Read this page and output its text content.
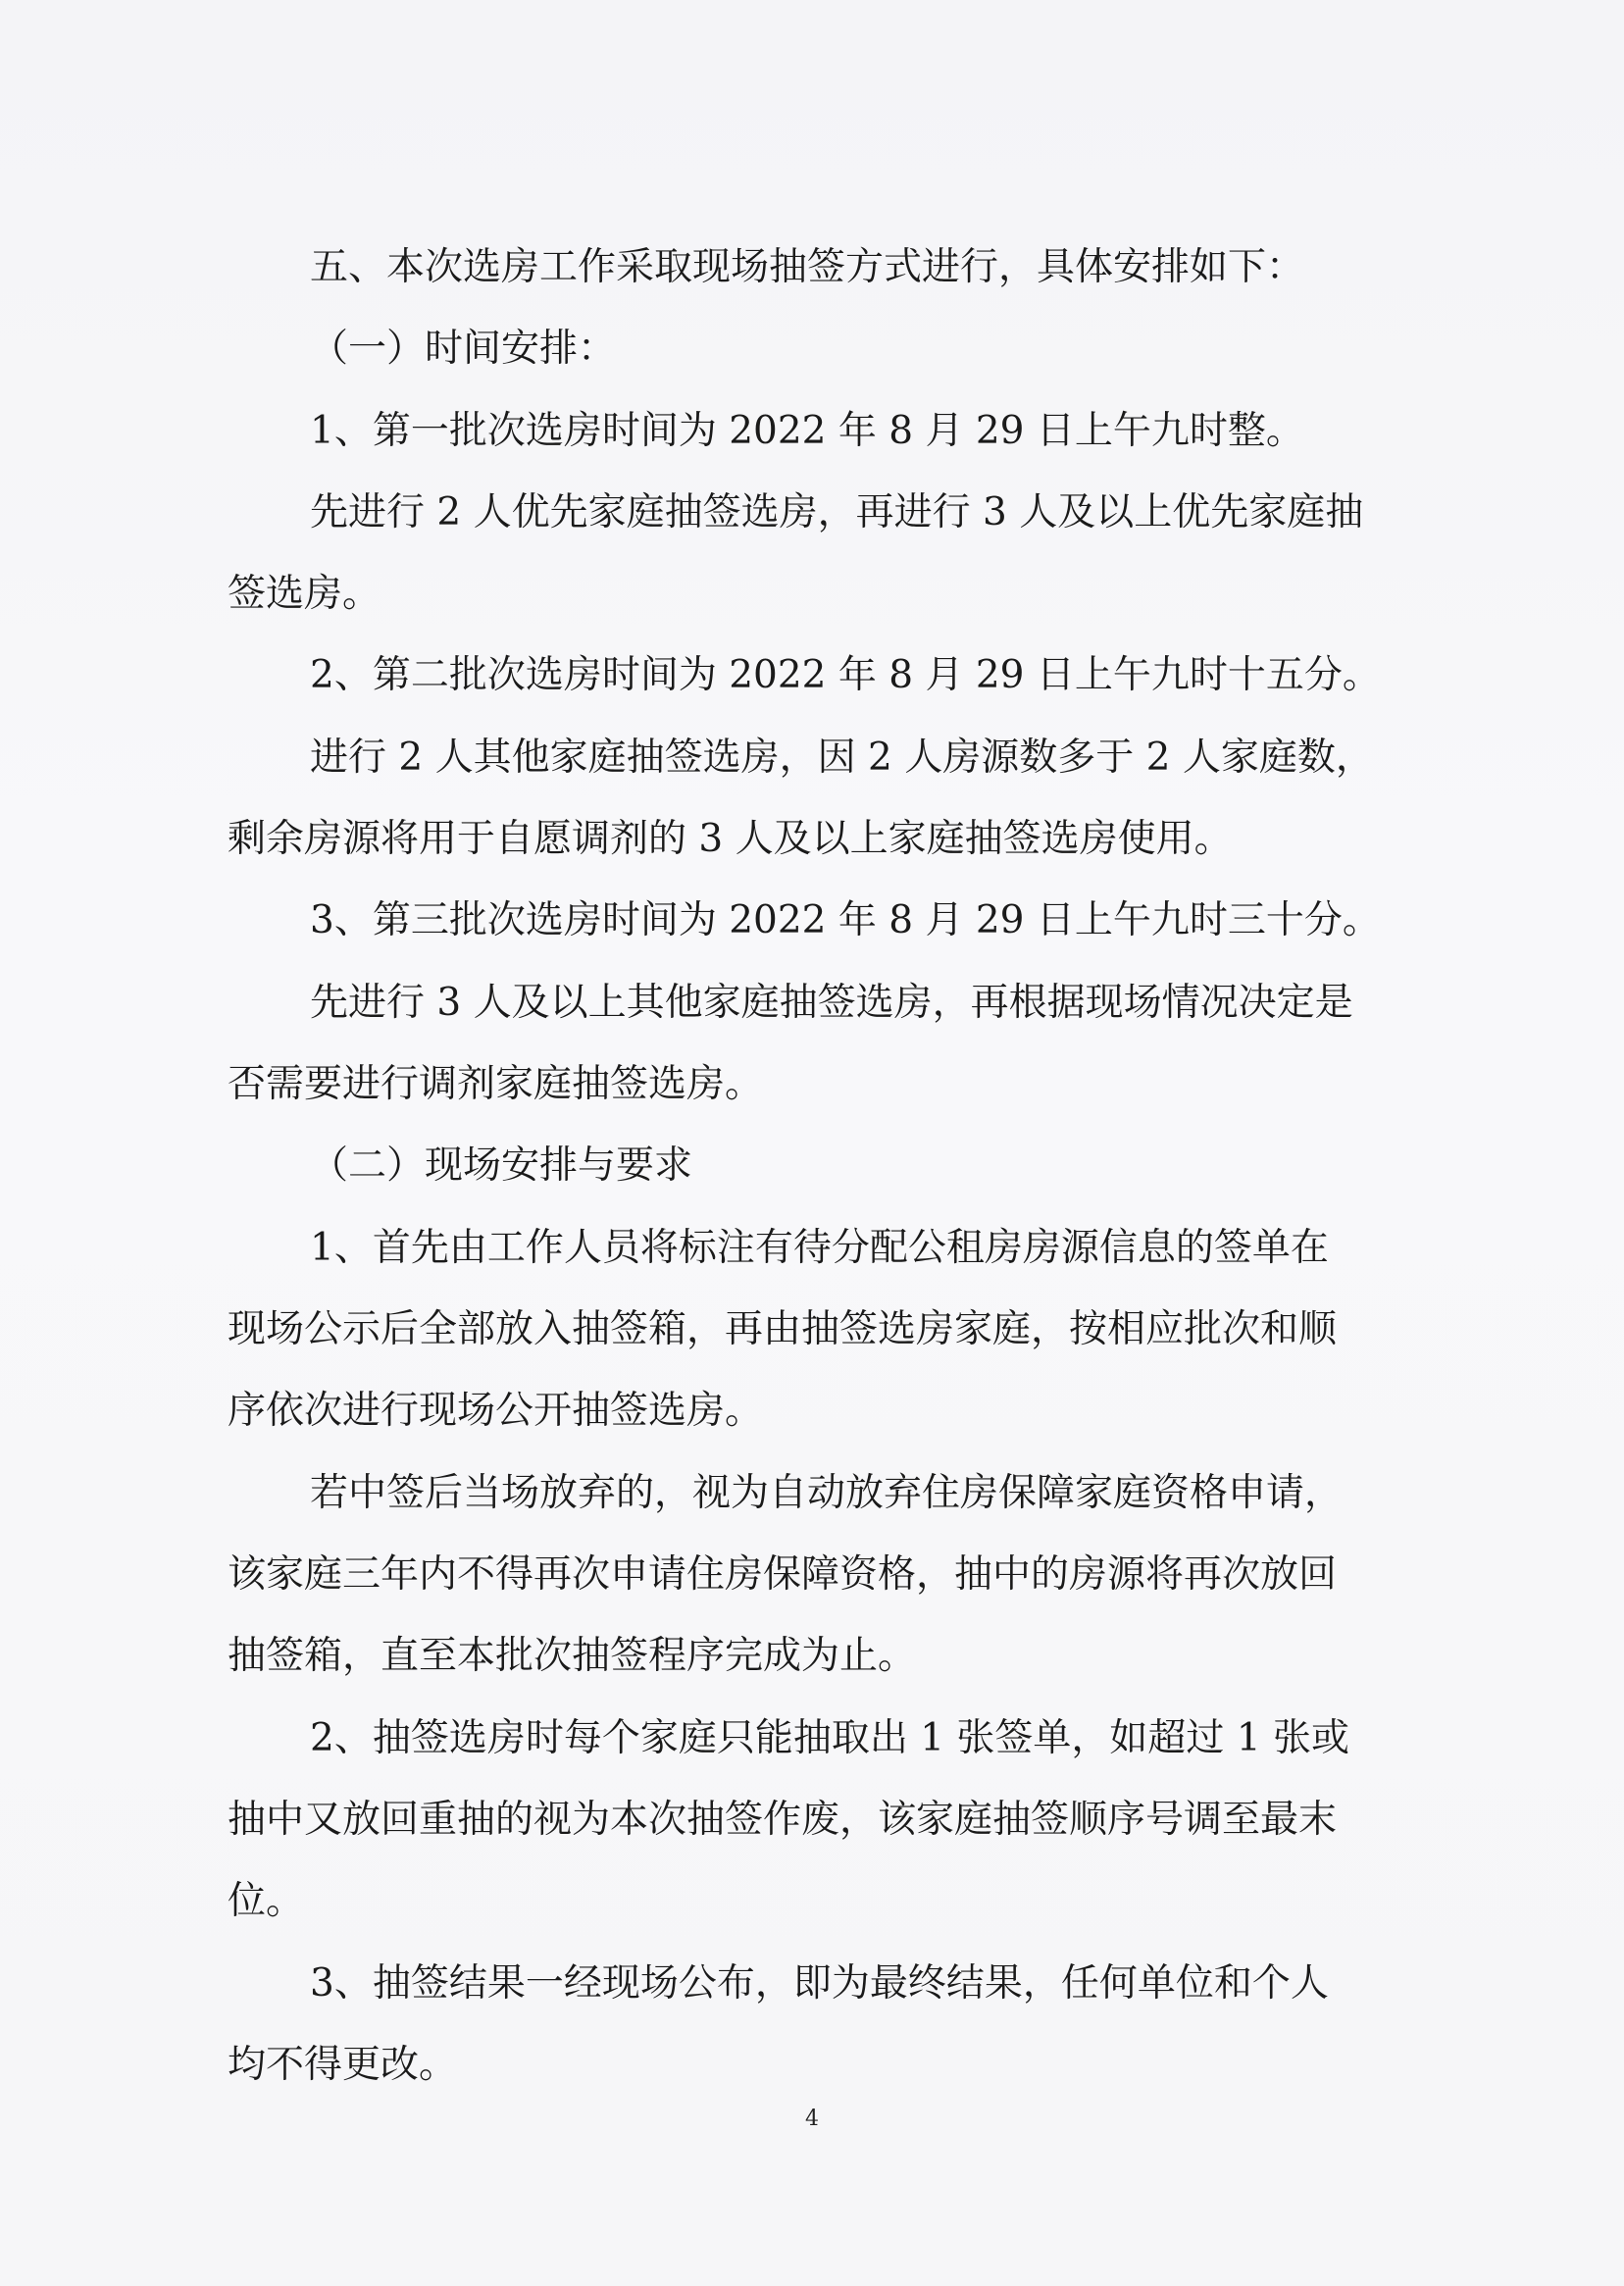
五、本次选房工作采取现场抽签方式进行，具体安排如下：
（一）时间安排：
1、第一批次选房时间为 2022 年 8 月 29 日上午九时整。
先进行 2 人优先家庭抽签选房，再进行 3 人及以上优先家庭抽
签选房。
2、第二批次选房时间为 2022 年 8 月 29 日上午九时十五分。
进行 2 人其他家庭抽签选房，因 2 人房源数多于 2 人家庭数，
剩余房源将用于自愿调剂的 3 人及以上家庭抽签选房使用。
3、第三批次选房时间为 2022 年 8 月 29 日上午九时三十分。
先进行 3 人及以上其他家庭抽签选房，再根据现场情况决定是
否需要进行调剂家庭抽签选房。
（二）现场安排与要求
1、首先由工作人员将标注有待分配公租房房源信息的签单在
现场公示后全部放入抽签箱，再由抽签选房家庭，按相应批次和顺
序依次进行现场公开抽签选房。
若中签后当场放弃的，视为自动放弃住房保障家庭资格申请，
该家庭三年内不得再次申请住房保障资格，抽中的房源将再次放回
抽签箱，直至本批次抽签程序完成为止。
2、抽签选房时每个家庭只能抽取出 1 张签单，如超过 1 张或
抽中又放回重抽的视为本次抽签作废，该家庭抽签顺序号调至最末
位。
3、抽签结果一经现场公布，即为最终结果，任何单位和个人
均不得更改。
4
